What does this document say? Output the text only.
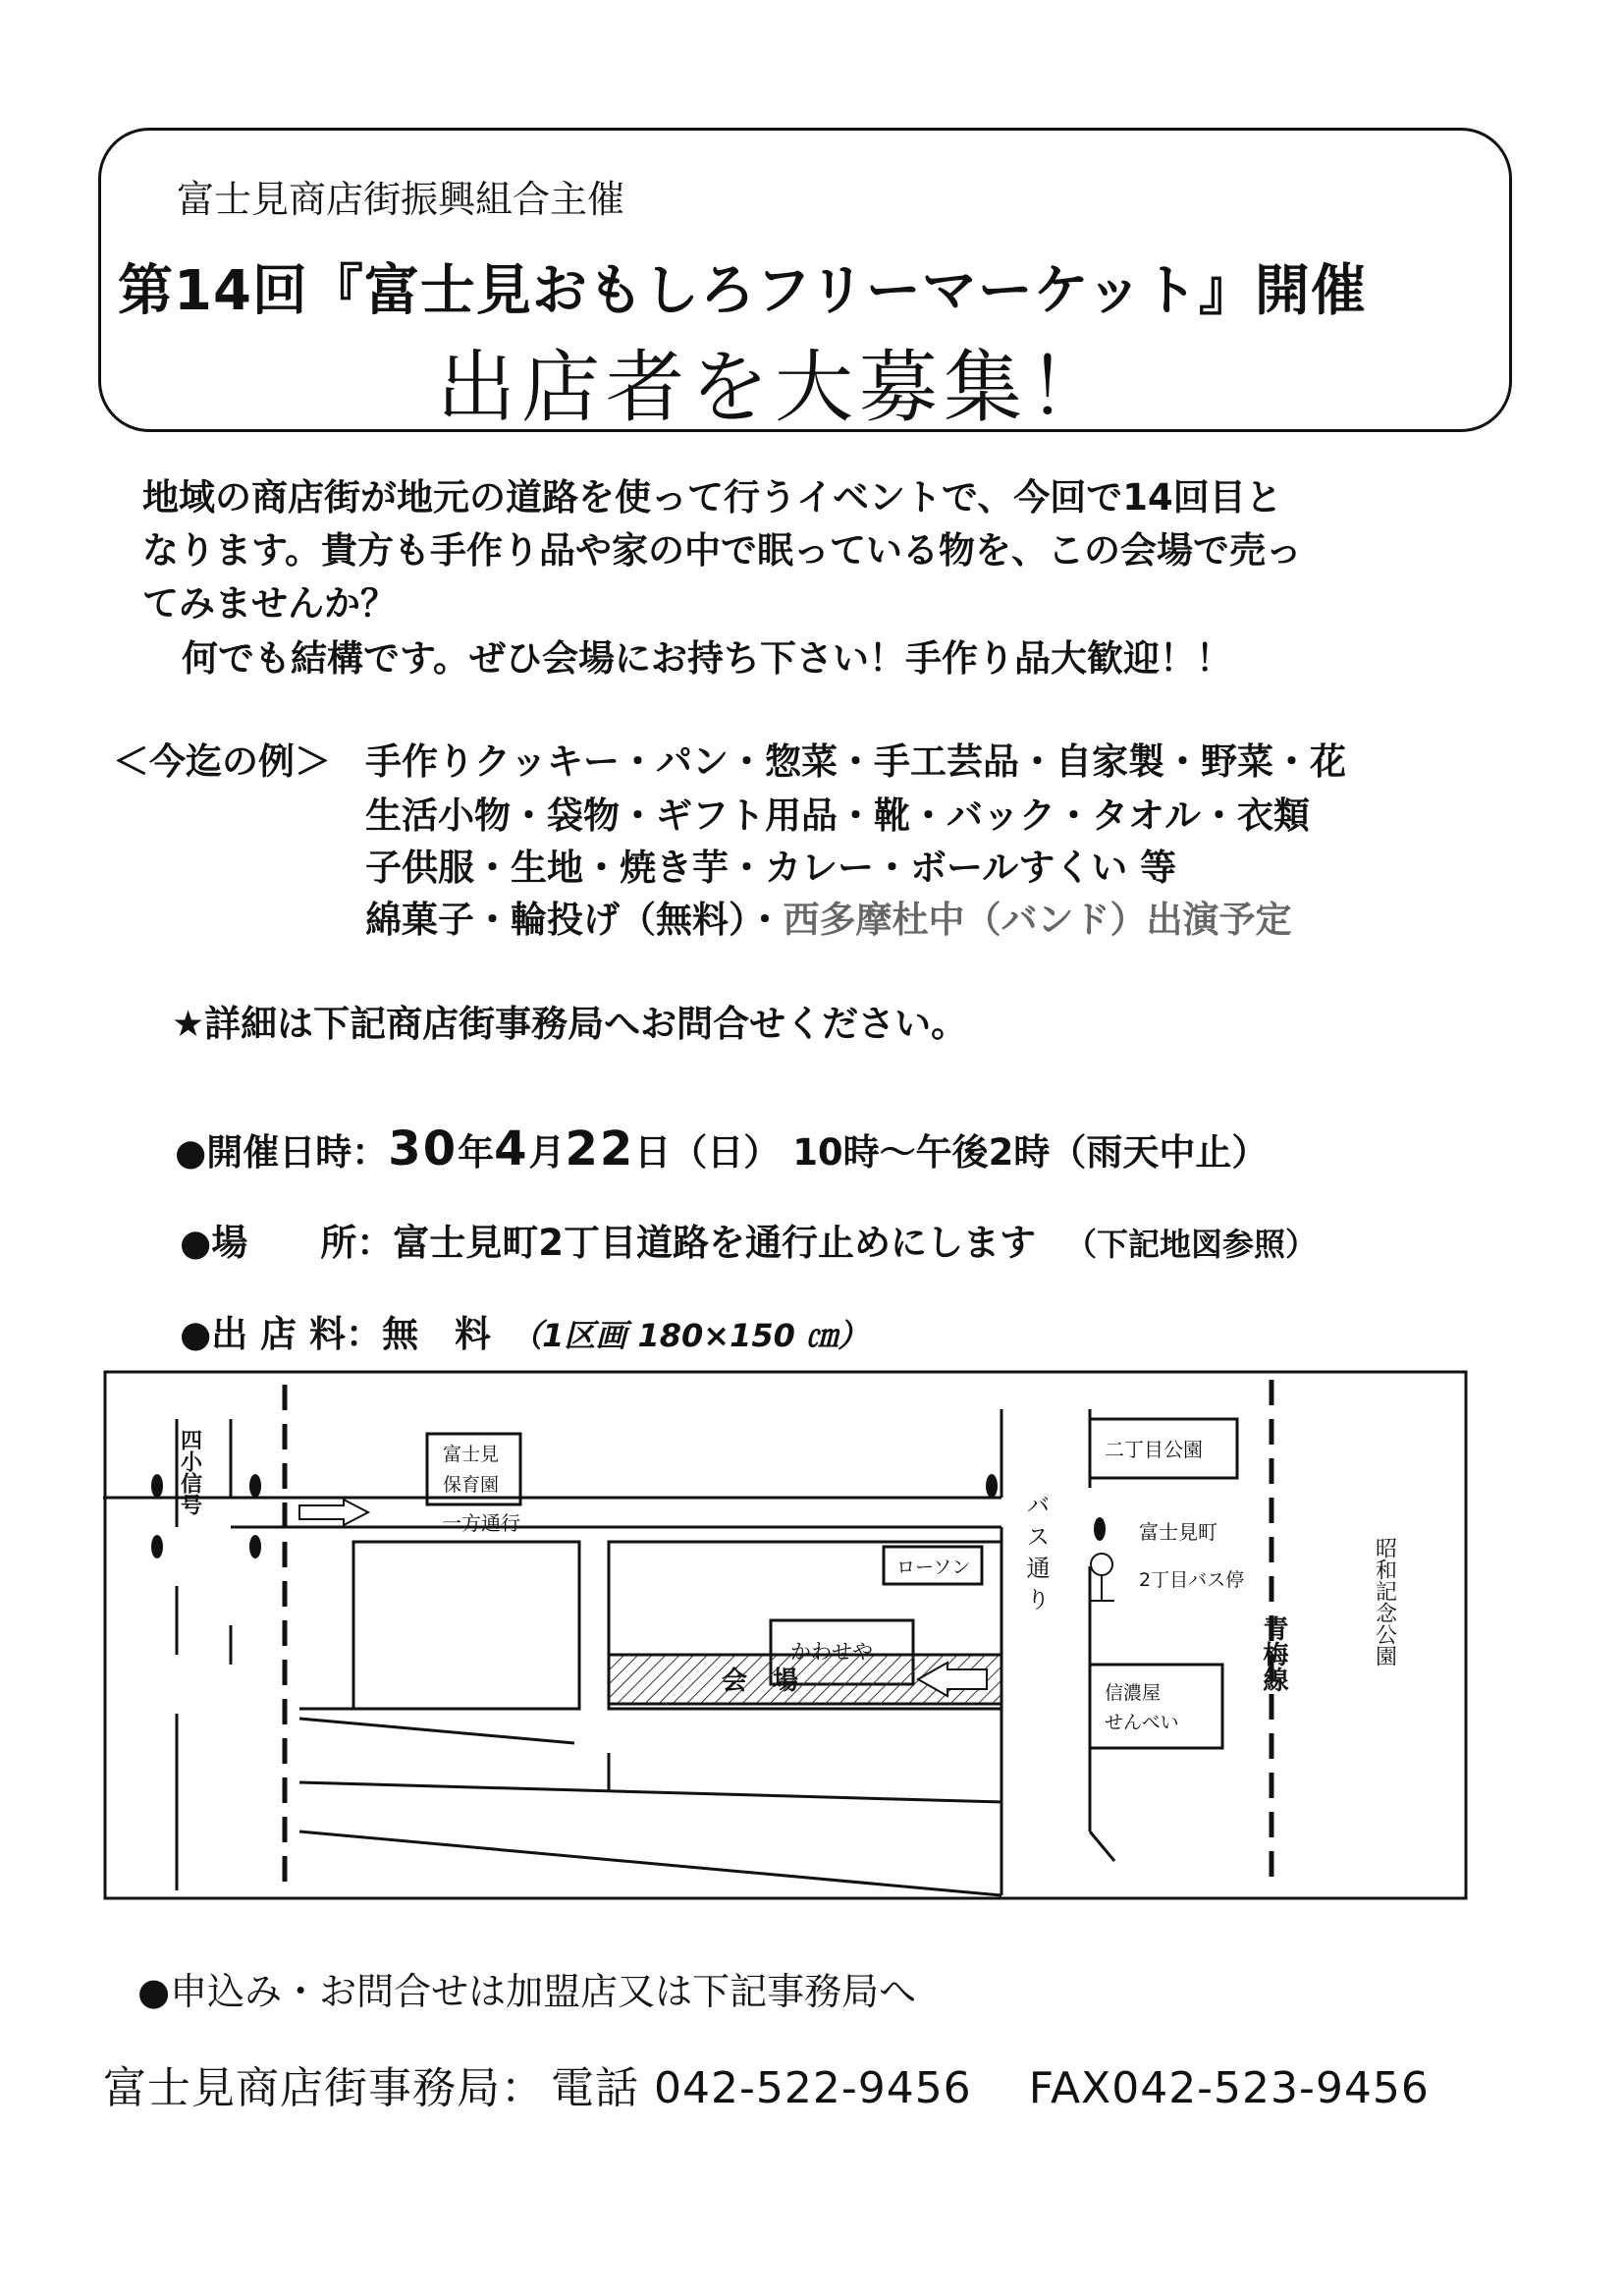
富士見商店街振興組合主催
第14回『富士見おもしろフリーマーケット』開催
出店者を大募集！
地域の商店街が地元の道路を使って行うイベントで、今回で14回目と
なります。貴方も手作り品や家の中で眠っている物を、この会場で売っ
てみませんか？
何でも結構です。ぜひ会場にお持ち下さい！手作り品大歓迎！！
＜今迄の例＞ 手作りクッキー・パン・惣菜・手工芸品・自家製・野菜・花
生活小物・袋物・ギフト用品・靴・バック・タオル・衣類
子供服・生地・焼き芋・カレー・ボールすくい 等
綿菓子・輪投げ（無料）・西多摩杜中（バンド）出演予定
★詳細は下記商店街事務局へお問合せください。
●開催日時：30年4月22日（日） 10時～午後2時（雨天中止）
●場　　所：富士見町2丁目道路を通行止めにします （下記地図参照）
●出 店 料：無　料 （1区画 180×150 ㎝）
四小信号	富士見
保育園
一方通行	バス通り
ローソン
かわせや
会　場
二丁目公園
富士見町
2丁目バス停
信濃屋
せんべい
青梅線	昭和記念公園
●申込み・お問合せは加盟店又は下記事務局へ
富士見商店街事務局： 電話 042-522-9456 FAX042-523-9456
